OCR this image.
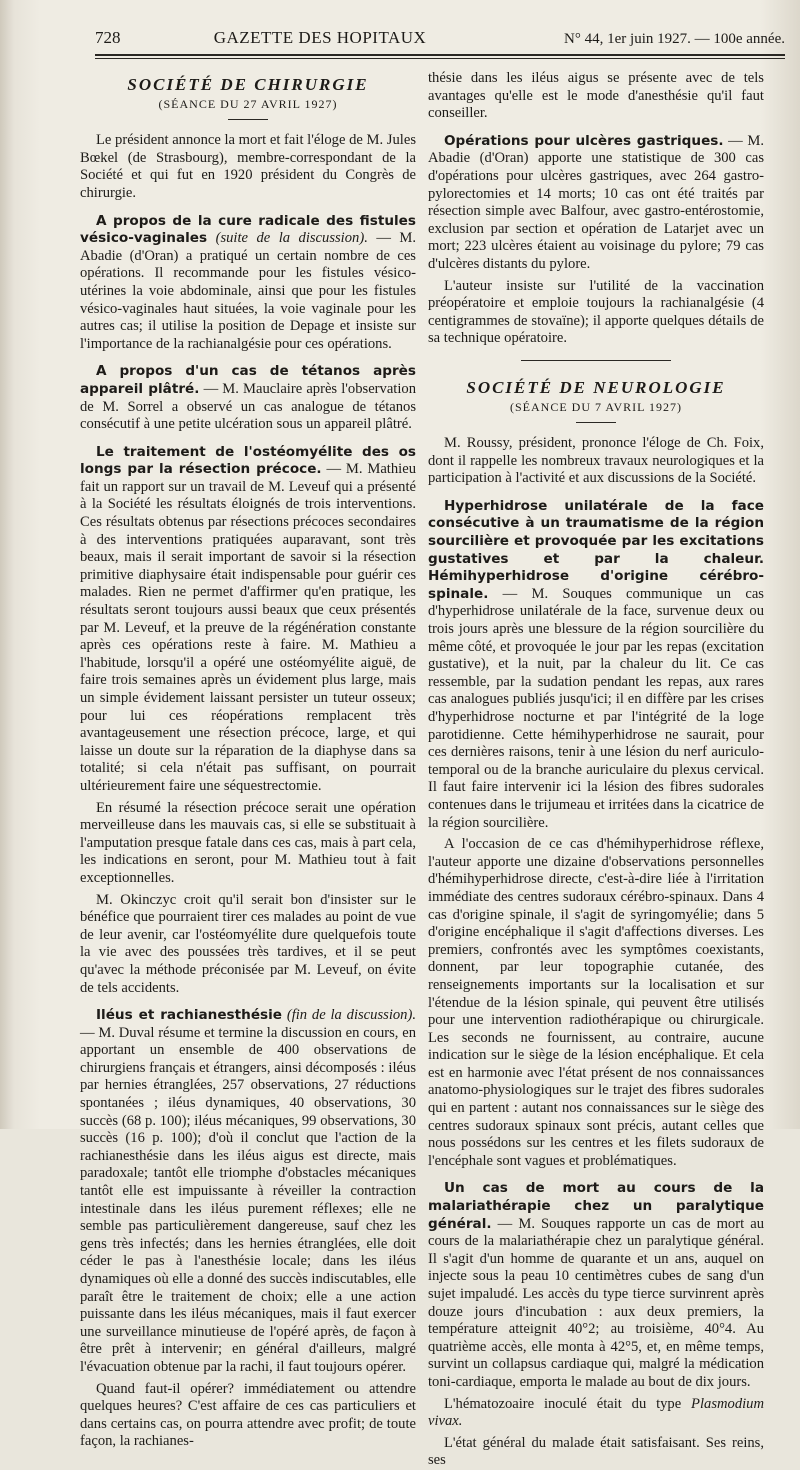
728	GAZETTE DES HOPITAUX	N° 44, 1er juin 1927. — 100e année.
SOCIÉTÉ DE CHIRURGIE
(SÉANCE DU 27 AVRIL 1927)

Le président annonce la mort et fait l'éloge de M. Jules Bœkel (de Strasbourg), membre-correspondant de la Société et qui fut en 1920 président du Congrès de chirurgie.

A propos de la cure radicale des fistules vésico-vaginales (suite de la discussion). — M. Abadie (d'Oran) a pratiqué un certain nombre de ces opérations. Il recommande pour les fistules vésico-utérines la voie abdominale, ainsi que pour les fistules vésico-vaginales haut situées, la voie vaginale pour les autres cas; il utilise la position de Depage et insiste sur l'importance de la rachianalgésie pour ces opérations.

A propos d'un cas de tétanos après appareil plâtré. — M. Mauclaire après l'observation de M. Sorrel a observé un cas analogue de tétanos consécutif à une petite ulcération sous un appareil plâtré.

Le traitement de l'ostéomyélite des os longs par la résection précoce. — M. Mathieu fait un rapport sur un travail de M. Leveuf qui a présenté à la Société les résultats éloignés de trois interventions. Ces résultats obtenus par résections précoces secondaires à des interventions pratiquées auparavant, sont très beaux, mais il serait important de savoir si la résection primitive diaphysaire était indispensable pour guérir ces malades. Rien ne permet d'affirmer qu'en pratique, les résultats seront toujours aussi beaux que ceux présentés par M. Leveuf, et la preuve de la régénération constante après ces opérations reste à faire. M. Mathieu a l'habitude, lorsqu'il a opéré une ostéomyélite aiguë, de faire trois semaines après un évidement plus large, mais un simple évidement laissant persister un tuteur osseux; pour lui ces réopérations remplacent très avantageusement une résection précoce, large, et qui laisse un doute sur la réparation de la diaphyse dans sa totalité; si cela n'était pas suffisant, on pourrait ultérieurement faire une séquestrectomie.

En résumé la résection précoce serait une opération merveilleuse dans les mauvais cas, si elle se substituait à l'amputation presque fatale dans ces cas, mais à part cela, les indications en seront, pour M. Mathieu tout à fait exceptionnelles.

M. Okinczyc croit qu'il serait bon d'insister sur le bénéfice que pourraient tirer ces malades au point de vue de leur avenir, car l'ostéomyélite dure quelquefois toute la vie avec des poussées très tardives, et il se peut qu'avec la méthode préconisée par M. Leveuf, on évite de tels accidents.

Iléus et rachianesthésie (fin de la discussion). — M. Duval résume et termine la discussion en cours, en apportant un ensemble de 400 observations de chirurgiens français et étrangers, ainsi décomposés : iléus par hernies étranglées, 257 observations, 27 réductions spontanées ; iléus dynamiques, 40 observations, 30 succès (68 p. 100); iléus mécaniques, 99 observations, 30 succès (16 p. 100); d'où il conclut que l'action de la rachianesthésie dans les iléus aigus est directe, mais paradoxale; tantôt elle triomphe d'obstacles mécaniques tantôt elle est impuissante à réveiller la contraction intestinale dans les iléus purement réflexes; elle ne semble pas particulièrement dangereuse, sauf chez les gens très infectés; dans les hernies étranglées, elle doit céder le pas à l'anesthésie locale; dans les iléus dynamiques où elle a donné des succès indiscutables, elle paraît être le traitement de choix; elle a une action puissante dans les iléus mécaniques, mais il faut exercer une surveillance minutieuse de l'opéré après, de façon à être prêt à intervenir; en général d'ailleurs, malgré l'évacuation obtenue par la rachi, il faut toujours opérer.

Quand faut-il opérer? immédiatement ou attendre quelques heures? C'est affaire de ces cas particuliers et dans certains cas, on pourra attendre avec profit; de toute façon, la rachianes-

thésie dans les iléus aigus se présente avec de tels avantages qu'elle est le mode d'anesthésie qu'il faut conseiller.

Opérations pour ulcères gastriques. — M. Abadie (d'Oran) apporte une statistique de 300 cas d'opérations pour ulcères gastriques, avec 264 gastro-pylorectomies et 14 morts; 10 cas ont été traités par résection simple avec Balfour, avec gastro-entérostomie, exclusion par section et opération de Latarjet avec un mort; 223 ulcères étaient au voisinage du pylore; 79 cas d'ulcères distants du pylore.

L'auteur insiste sur l'utilité de la vaccination préopératoire et emploie toujours la rachianalgésie (4 centigrammes de stovaïne); il apporte quelques détails de sa technique opératoire.

SOCIÉTÉ DE NEUROLOGIE
(SÉANCE DU 7 AVRIL 1927)

M. Roussy, président, prononce l'éloge de Ch. Foix, dont il rappelle les nombreux travaux neurologiques et la participation à l'activité et aux discussions de la Société.

Hyperhidrose unilatérale de la face consécutive à un traumatisme de la région sourcilière et provoquée par les excitations gustatives et par la chaleur. Hémihyperhidrose d'origine cérébro-spinale. — M. Souques communique un cas d'hyperhidrose unilatérale de la face, survenue deux ou trois jours après une blessure de la région sourcilière du même côté, et provoquée le jour par les repas (excitation gustative), et la nuit, par la chaleur du lit. Ce cas ressemble, par la sudation pendant les repas, aux rares cas analogues publiés jusqu'ici; il en diffère par les crises d'hyperhidrose nocturne et par l'intégrité de la loge parotidienne. Cette hémihyperhidrose ne saurait, pour ces dernières raisons, tenir à une lésion du nerf auriculo-temporal ou de la branche auriculaire du plexus cervical. Il faut faire intervenir ici la lésion des fibres sudorales contenues dans le trijumeau et irritées dans la cicatrice de la région sourcilière.

A l'occasion de ce cas d'hémihyperhidrose réflexe, l'auteur apporte une dizaine d'observations personnelles d'hémihyperhidrose directe, c'est-à-dire liée à l'irritation immédiate des centres sudoraux cérébro-spinaux. Dans 4 cas d'origine spinale, il s'agit de syringomyélie; dans 5 d'origine encéphalique il s'agit d'affections diverses. Les premiers, confrontés avec les symptômes coexistants, donnent, par leur topographie cutanée, des renseignements importants sur la localisation et sur l'étendue de la lésion spinale, qui peuvent être utilisés pour une intervention radiothérapique ou chirurgicale. Les seconds ne fournissent, au contraire, aucune indication sur le siège de la lésion encéphalique. Et cela est en harmonie avec l'état présent de nos connaissances anatomo-physiologiques sur le trajet des fibres sudorales qui en partent : autant nos connaissances sur le siège des centres sudoraux spinaux sont précis, autant celles que nous possédons sur les centres et les filets sudoraux de l'encéphale sont vagues et problématiques.

Un cas de mort au cours de la malariathérapie chez un paralytique général. — M. Souques rapporte un cas de mort au cours de la malariathérapie chez un paralytique général. Il s'agit d'un homme de quarante et un ans, auquel on injecte sous la peau 10 centimètres cubes de sang d'un sujet impaludé. Les accès du type tierce survinrent après douze jours d'incubation : aux deux premiers, la température atteignit 40°2; au troisième, 40°4. Au quatrième accès, elle monta à 42°5, et, en même temps, survint un collapsus cardiaque qui, malgré la médication toni-cardiaque, emporta le malade au bout de dix jours.

L'hématozoaire inoculé était du type Plasmodium vivax.

L'état général du malade était satisfaisant. Ses reins, ses
